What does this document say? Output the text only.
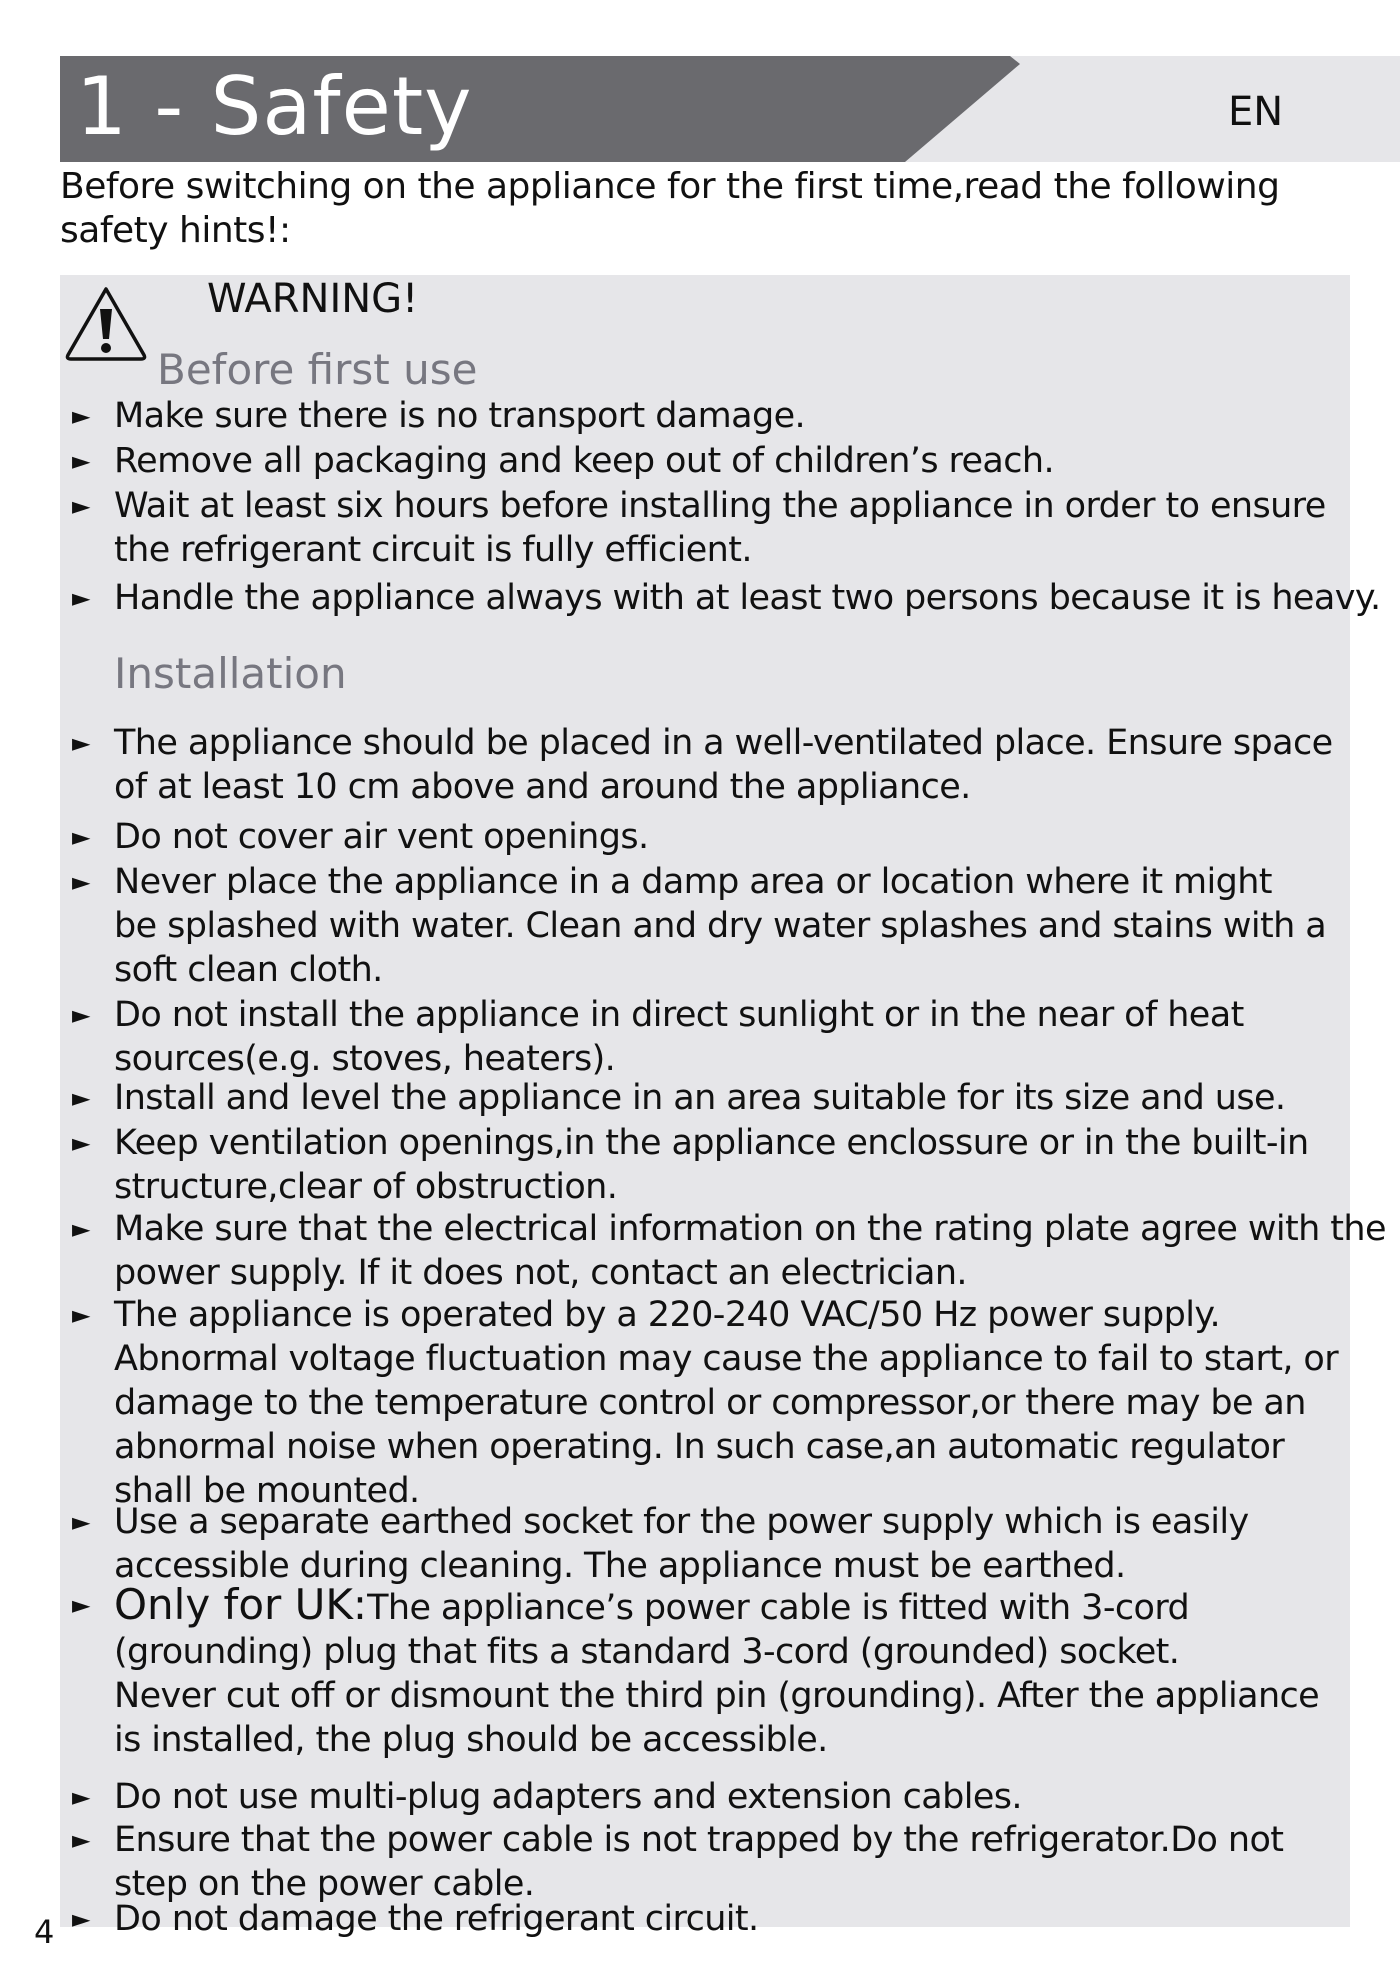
1 - Safety	EN

Before switching on the appliance for the first time,read the following safety hints!:

WARNING!
Before first use
► Make sure there is no transport damage.
► Remove all packaging and keep out of children’s reach.
► Wait at least six hours before installing the appliance in order to ensure
the refrigerant circuit is fully efficient.
► Handle the appliance always with at least two persons because it is heavy.
Installation
► The appliance should be placed in a well-ventilated place. Ensure space
of at least 10 cm above and around the appliance.
► Do not cover air vent openings.
► Never place the appliance in a damp area or location where it might
be splashed with water. Clean and dry water splashes and stains with a
soft clean cloth.
► Do not install the appliance in direct sunlight or in the near of heat
sources(e.g. stoves, heaters).
► Install and level the appliance in an area suitable for its size and use.
► Keep ventilation openings,in the appliance enclossure or in the built-in
structure,clear of obstruction.
► Make sure that the electrical information on the rating plate agree with the
power supply. If it does not, contact an electrician.
► The appliance is operated by a 220-240 VAC/50 Hz power supply.
Abnormal voltage fluctuation may cause the appliance to fail to start, or
damage to the temperature control or compressor,or there may be an
abnormal noise when operating. In such case,an automatic regulator
shall be mounted.
► Use a separate earthed socket for the power supply which is easily
accessible during cleaning. The appliance must be earthed.
► Only for UK:The appliance’s power cable is fitted with 3-cord
(grounding) plug that fits a standard 3-cord (grounded) socket.
Never cut off or dismount the third pin (grounding). After the appliance
is installed, the plug should be accessible.
► Do not use multi-plug adapters and extension cables.
► Ensure that the power cable is not trapped by the refrigerator.Do not
step on the power cable.
► Do not damage the refrigerant circuit.
4
